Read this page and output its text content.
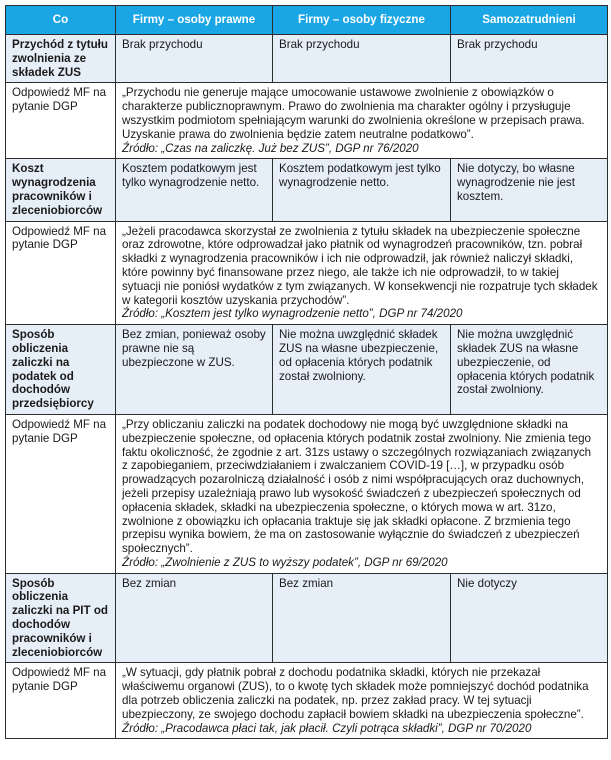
Co	Firmy – osoby prawne	Firmy – osoby fizyczne	Samozatrudnieni
Przychód z tytułu zwolnienia ze składek ZUS	Brak przychodu	Brak przychodu	Brak przychodu
Odpowiedź MF na pytanie DGP	„Przychodu nie generuje mające umocowanie ustawowe zwolnienie z obowiązków o charakterze publicznoprawnym. Prawo do zwolnienia ma charakter ogólny i przysługuje wszystkim podmiotom spełniającym warunki do zwolnienia określone w przepisach prawa. Uzyskanie prawa do zwolnienia będzie zatem neutralne podatkowo”.
Źródło: „Czas na zaliczkę. Już bez ZUS”, DGP nr 76/2020		

Koszt wynagrodzenia pracowników i zleceniobiorców	Kosztem podatkowym jest tylko wynagrodzenie netto.	Kosztem podatkowym jest tylko wynagrodzenie netto.	Nie dotyczy, bo własne wynagrodzenie nie jest kosztem.
Odpowiedź MF na pytanie DGP	„Jeżeli pracodawca skorzystał ze zwolnienia z tytułu składek na ubezpieczenie społeczne oraz zdrowotne, które odprowadzał jako płatnik od wynagrodzeń pracowników, tzn. pobrał składki z wynagrodzenia pracowników i ich nie odprowadził, jak również naliczył składki, które powinny być finansowane przez niego, ale także ich nie odprowadził, to w takiej sytuacji nie poniósł wydatków z tym związanych. W konsekwencji nie rozpatruje tych składek w kategorii kosztów uzyskania przychodów”.
Źródło: „Kosztem jest tylko wynagrodzenie netto”, DGP nr 74/2020		

Sposób obliczenia zaliczki na podatek od dochodów przedsiębiorcy	Bez zmian, ponieważ osoby prawne nie są ubezpieczone w ZUS.	Nie można uwzględnić składek ZUS na własne ubezpieczenie, od opłacenia których podatnik został zwolniony.	Nie można uwzględnić składek ZUS na własne ubezpieczenie, od opłacenia których podatnik został zwolniony.
Odpowiedź MF na pytanie DGP	„Przy obliczaniu zaliczki na podatek dochodowy nie mogą być uwzględnione składki na ubezpieczenie społeczne, od opłacenia których podatnik został zwolniony. Nie zmienia tego faktu okoliczność, że zgodnie z art. 31zs ustawy o szczególnych rozwiązaniach związanych z zapobieganiem, przeciwdziałaniem i zwalczaniem COVID-19 […], w przypadku osób prowadzących pozarolniczą działalność i osób z nimi współpracujących oraz duchownych, jeżeli przepisy uzależniają prawo lub wysokość świadczeń z ubezpieczeń społecznych od opłacenia składek, składki na ubezpieczenia społeczne, o których mowa w art. 31zo, zwolnione z obowiązku ich opłacania traktuje się jak składki opłacone. Z brzmienia tego przepisu wynika bowiem, że ma on zastosowanie wyłącznie do świadczeń z ubezpieczeń społecznych”.
Źródło: „Zwolnienie z ZUS to wyższy podatek”, DGP nr 69/2020		

Sposób obliczenia zaliczki na PIT od dochodów pracowników i zleceniobiorców	Bez zmian	Bez zmian	Nie dotyczy
Odpowiedź MF na pytanie DGP	„W sytuacji, gdy płatnik pobrał z dochodu podatnika składki, których nie przekazał właściwemu organowi (ZUS), to o kwotę tych składek może pomniejszyć dochód podatnika dla potrzeb obliczenia zaliczki na podatek, np. przez zakład pracy. W tej sytuacji ubezpieczony, ze swojego dochodu zapłacił bowiem składki na ubezpieczenia społeczne”.
Źródło: „Pracodawca płaci tak, jak płacił. Czyli potrąca składki”, DGP nr 70/2020		
